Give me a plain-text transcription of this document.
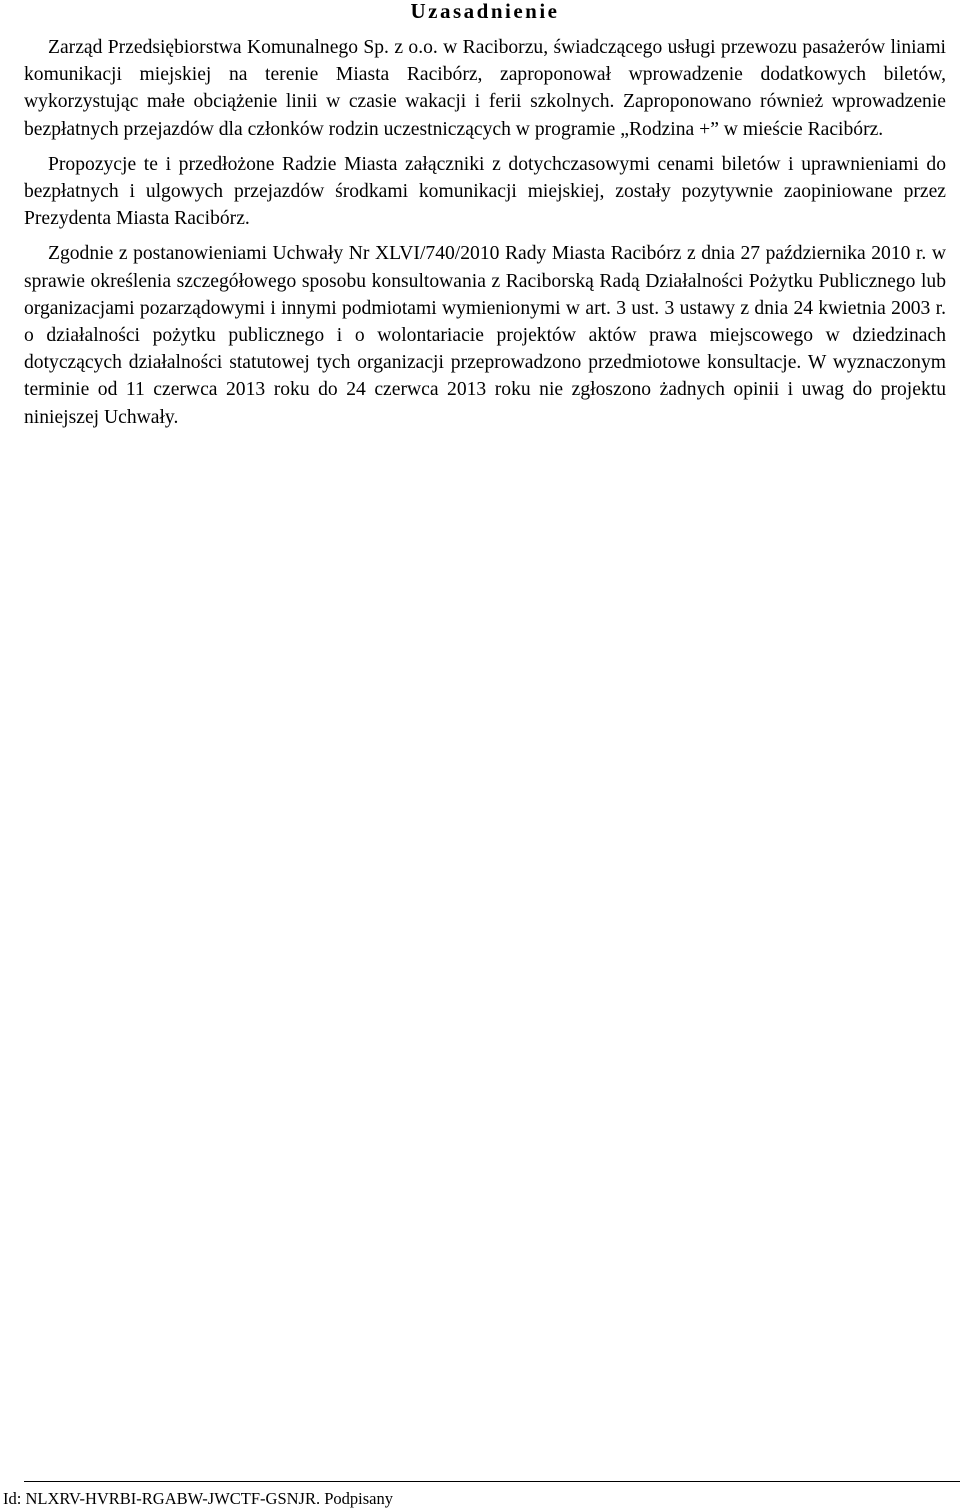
Uzasadnienie

Zarząd Przedsiębiorstwa Komunalnego Sp. z o.o. w Raciborzu, świadczącego usługi przewozu pasażerów liniami komunikacji miejskiej na terenie Miasta Racibórz, zaproponował wprowadzenie dodatkowych biletów, wykorzystując małe obciążenie linii w czasie wakacji i ferii szkolnych. Zaproponowano również wprowadzenie bezpłatnych przejazdów dla członków rodzin uczestniczących w programie „Rodzina +” w mieście Racibórz.

Propozycje te i przedłożone Radzie Miasta załączniki z dotychczasowymi cenami biletów i uprawnieniami do bezpłatnych i ulgowych przejazdów środkami komunikacji miejskiej, zostały pozytywnie zaopiniowane przez Prezydenta Miasta Racibórz.

Zgodnie z postanowieniami Uchwały Nr XLVI/740/2010 Rady Miasta Racibórz z dnia 27 października 2010 r. w sprawie określenia szczegółowego sposobu konsultowania z Raciborską Radą Działalności Pożytku Publicznego lub organizacjami pozarządowymi i innymi podmiotami wymienionymi w art. 3 ust. 3 ustawy z dnia 24 kwietnia 2003 r. o działalności pożytku publicznego i o wolontariacie projektów aktów prawa miejscowego w dziedzinach dotyczących działalności statutowej tych organizacji przeprowadzono przedmiotowe konsultacje. W wyznaczonym terminie od 11 czerwca 2013 roku do 24 czerwca 2013 roku nie zgłoszono żadnych opinii i uwag do projektu niniejszej Uchwały.

Id: NLXRV-HVRBI-RGABW-JWCTF-GSNJR. Podpisany
